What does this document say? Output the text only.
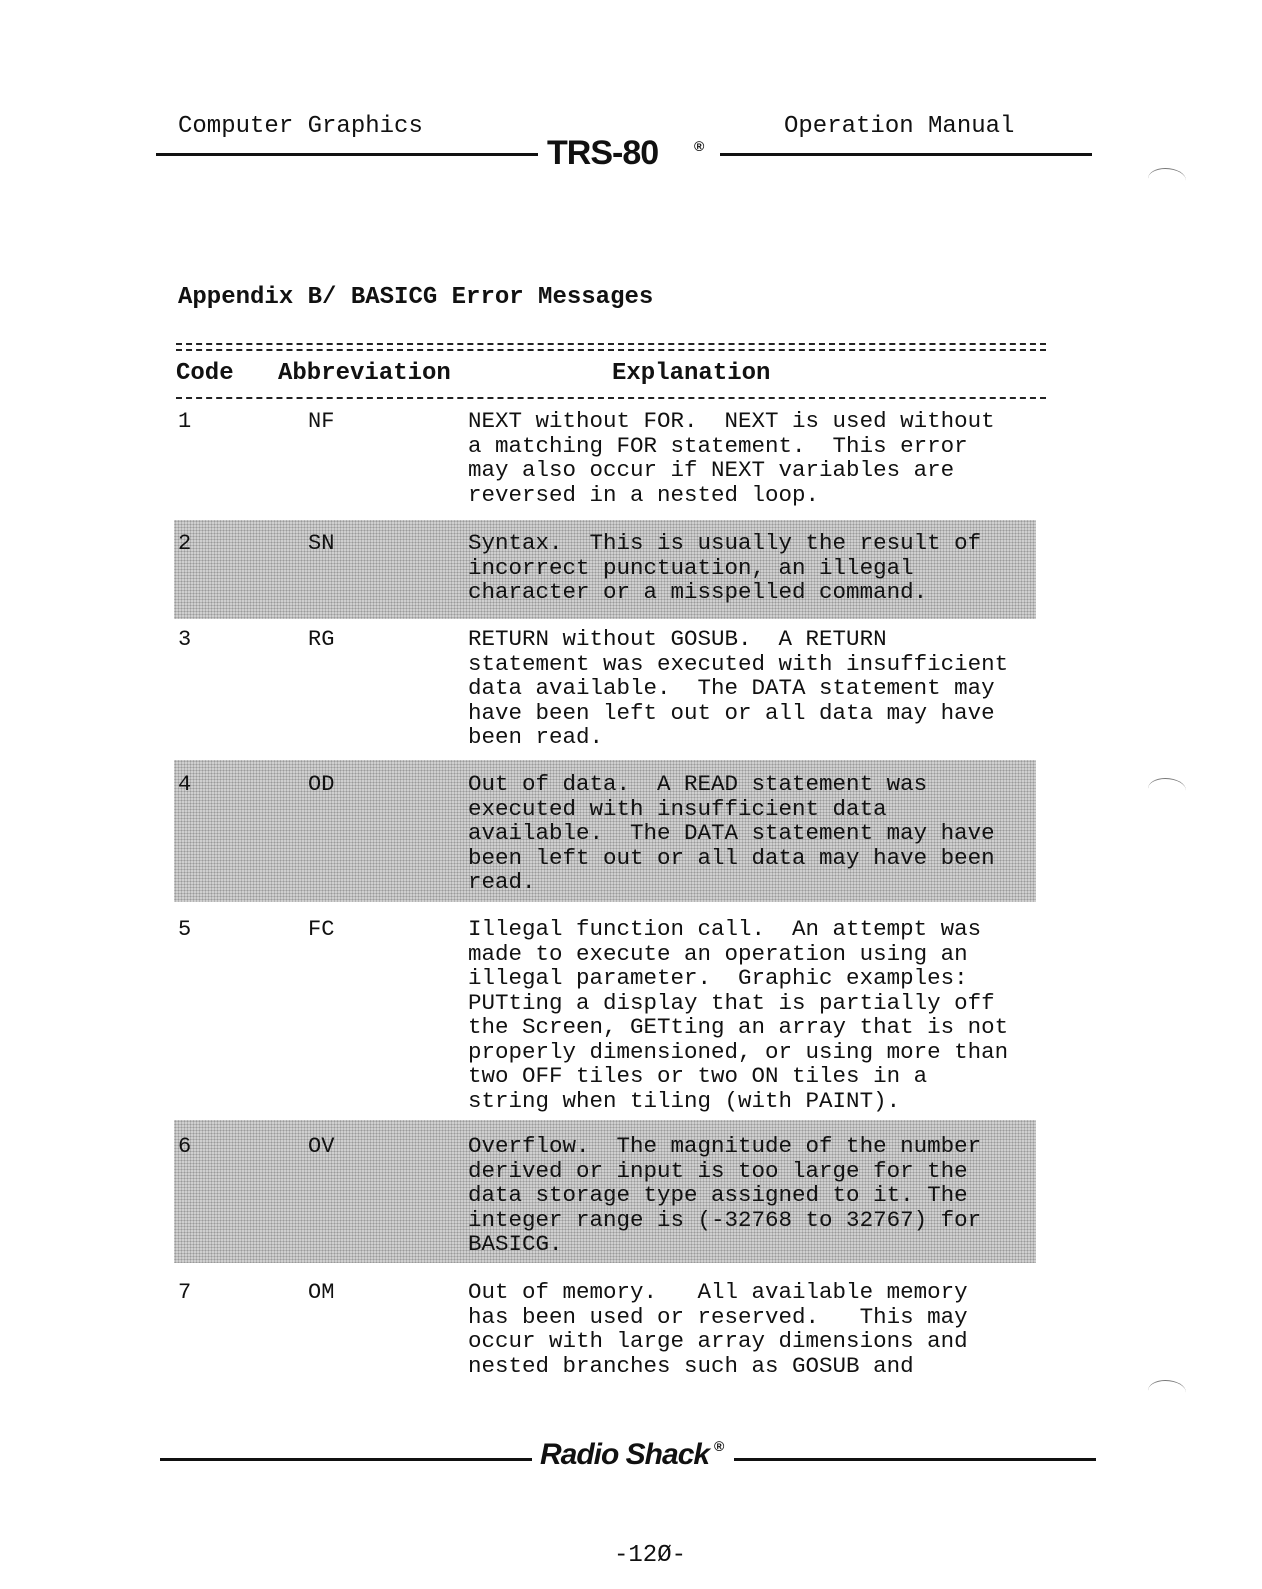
Computer Graphics	Operation Manual
TRS-80	®
Appendix B/ BASICG Error Messages
Code Abbreviation	Explanation
1	NF	NEXT without FOR.  NEXT is used without
a matching FOR statement.  This error
may also occur if NEXT variables are
reversed in a nested loop.
2	SN	Syntax.  This is usually the result of
incorrect punctuation, an illegal
character or a misspelled command.
3	RG	RETURN without GOSUB.  A RETURN
statement was executed with insufficient
data available.  The DATA statement may
have been left out or all data may have
been read.
4	OD	Out of data.  A READ statement was
executed with insufficient data
available.  The DATA statement may have
been left out or all data may have been
read.
5	FC	Illegal function call.  An attempt was
made to execute an operation using an
illegal parameter.  Graphic examples:
PUTting a display that is partially off
the Screen, GETting an array that is not
properly dimensioned, or using more than
two OFF tiles or two ON tiles in a
string when tiling (with PAINT).
6	OV	Overflow.  The magnitude of the number
derived or input is too large for the
data storage type assigned to it. The
integer range is (-32768 to 32767) for
BASICG.
7	OM	Out of memory.   All available memory
has been used or reserved.   This may
occur with large array dimensions and
nested branches such as GOSUB and
Radio Shack ®
-12Ø-
